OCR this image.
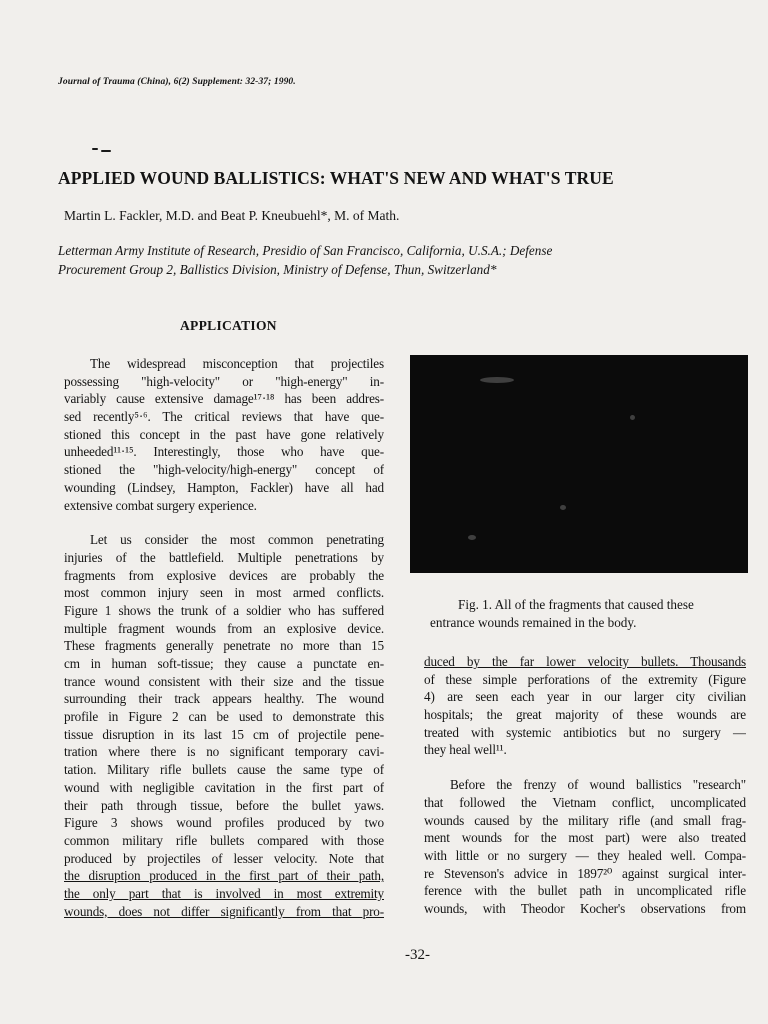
Journal of Trauma (China), 6(2) Supplement: 32-37; 1990.
APPLIED WOUND BALLISTICS: WHAT'S NEW AND WHAT'S TRUE
Martin L. Fackler, M.D. and Beat P. Kneubuehl*, M. of Math.
Letterman Army Institute of Research, Presidio of San Francisco, California, U.S.A.; Defense
Procurement Group 2, Ballistics Division, Ministry of Defense, Thun, Switzerland*
APPLICATION
The widespread misconception that projectiles
possessing "high-velocity" or "high-energy" in-
variably cause extensive damage¹⁷·¹⁸ has been addres-
sed recently⁵·⁶. The critical reviews that have que-
stioned this concept in the past have gone relatively
unheeded¹¹·¹⁵. Interestingly, those who have que-
stioned the "high-velocity/high-energy" concept of
wounding (Lindsey, Hampton, Fackler) have all had
extensive combat surgery experience.
Let us consider the most common penetrating
injuries of the battlefield. Multiple penetrations by
fragments from explosive devices are probably the
most common injury seen in most armed conflicts.
Figure 1 shows the trunk of a soldier who has suffered
multiple fragment wounds from an explosive device.
These fragments generally penetrate no more than 15
cm in human soft-tissue; they cause a punctate en-
trance wound consistent with their size and the tissue
surrounding their track appears healthy. The wound
profile in Figure 2 can be used to demonstrate this
tissue disruption in its last 15 cm of projectile pene-
tration where there is no significant temporary cavi-
tation. Military rifle bullets cause the same type of
wound with negligible cavitation in the first part of
their path through tissue, before the bullet yaws.
Figure 3 shows wound profiles produced by two
common military rifle bullets compared with those
produced by projectiles of lesser velocity. Note that
the disruption produced in the first part of their path,
the only part that is involved in most extremity
wounds, does not differ significantly from that pro-
Fig. 1. All of the fragments that caused these
entrance wounds remained in the body.
duced by the far lower velocity bullets. Thousands
of these simple perforations of the extremity (Figure
4) are seen each year in our larger city civilian
hospitals; the great majority of these wounds are
treated with systemic antibiotics but no surgery —
they heal well¹¹.
Before the frenzy of wound ballistics "research"
that followed the Vietnam conflict, uncomplicated
wounds caused by the military rifle (and small frag-
ment wounds for the most part) were also treated
with little or no surgery — they healed well. Compa-
re Stevenson's advice in 1897²⁰ against surgical inter-
ference with the bullet path in uncomplicated rifle
wounds, with Theodor Kocher's observations from
-32-
